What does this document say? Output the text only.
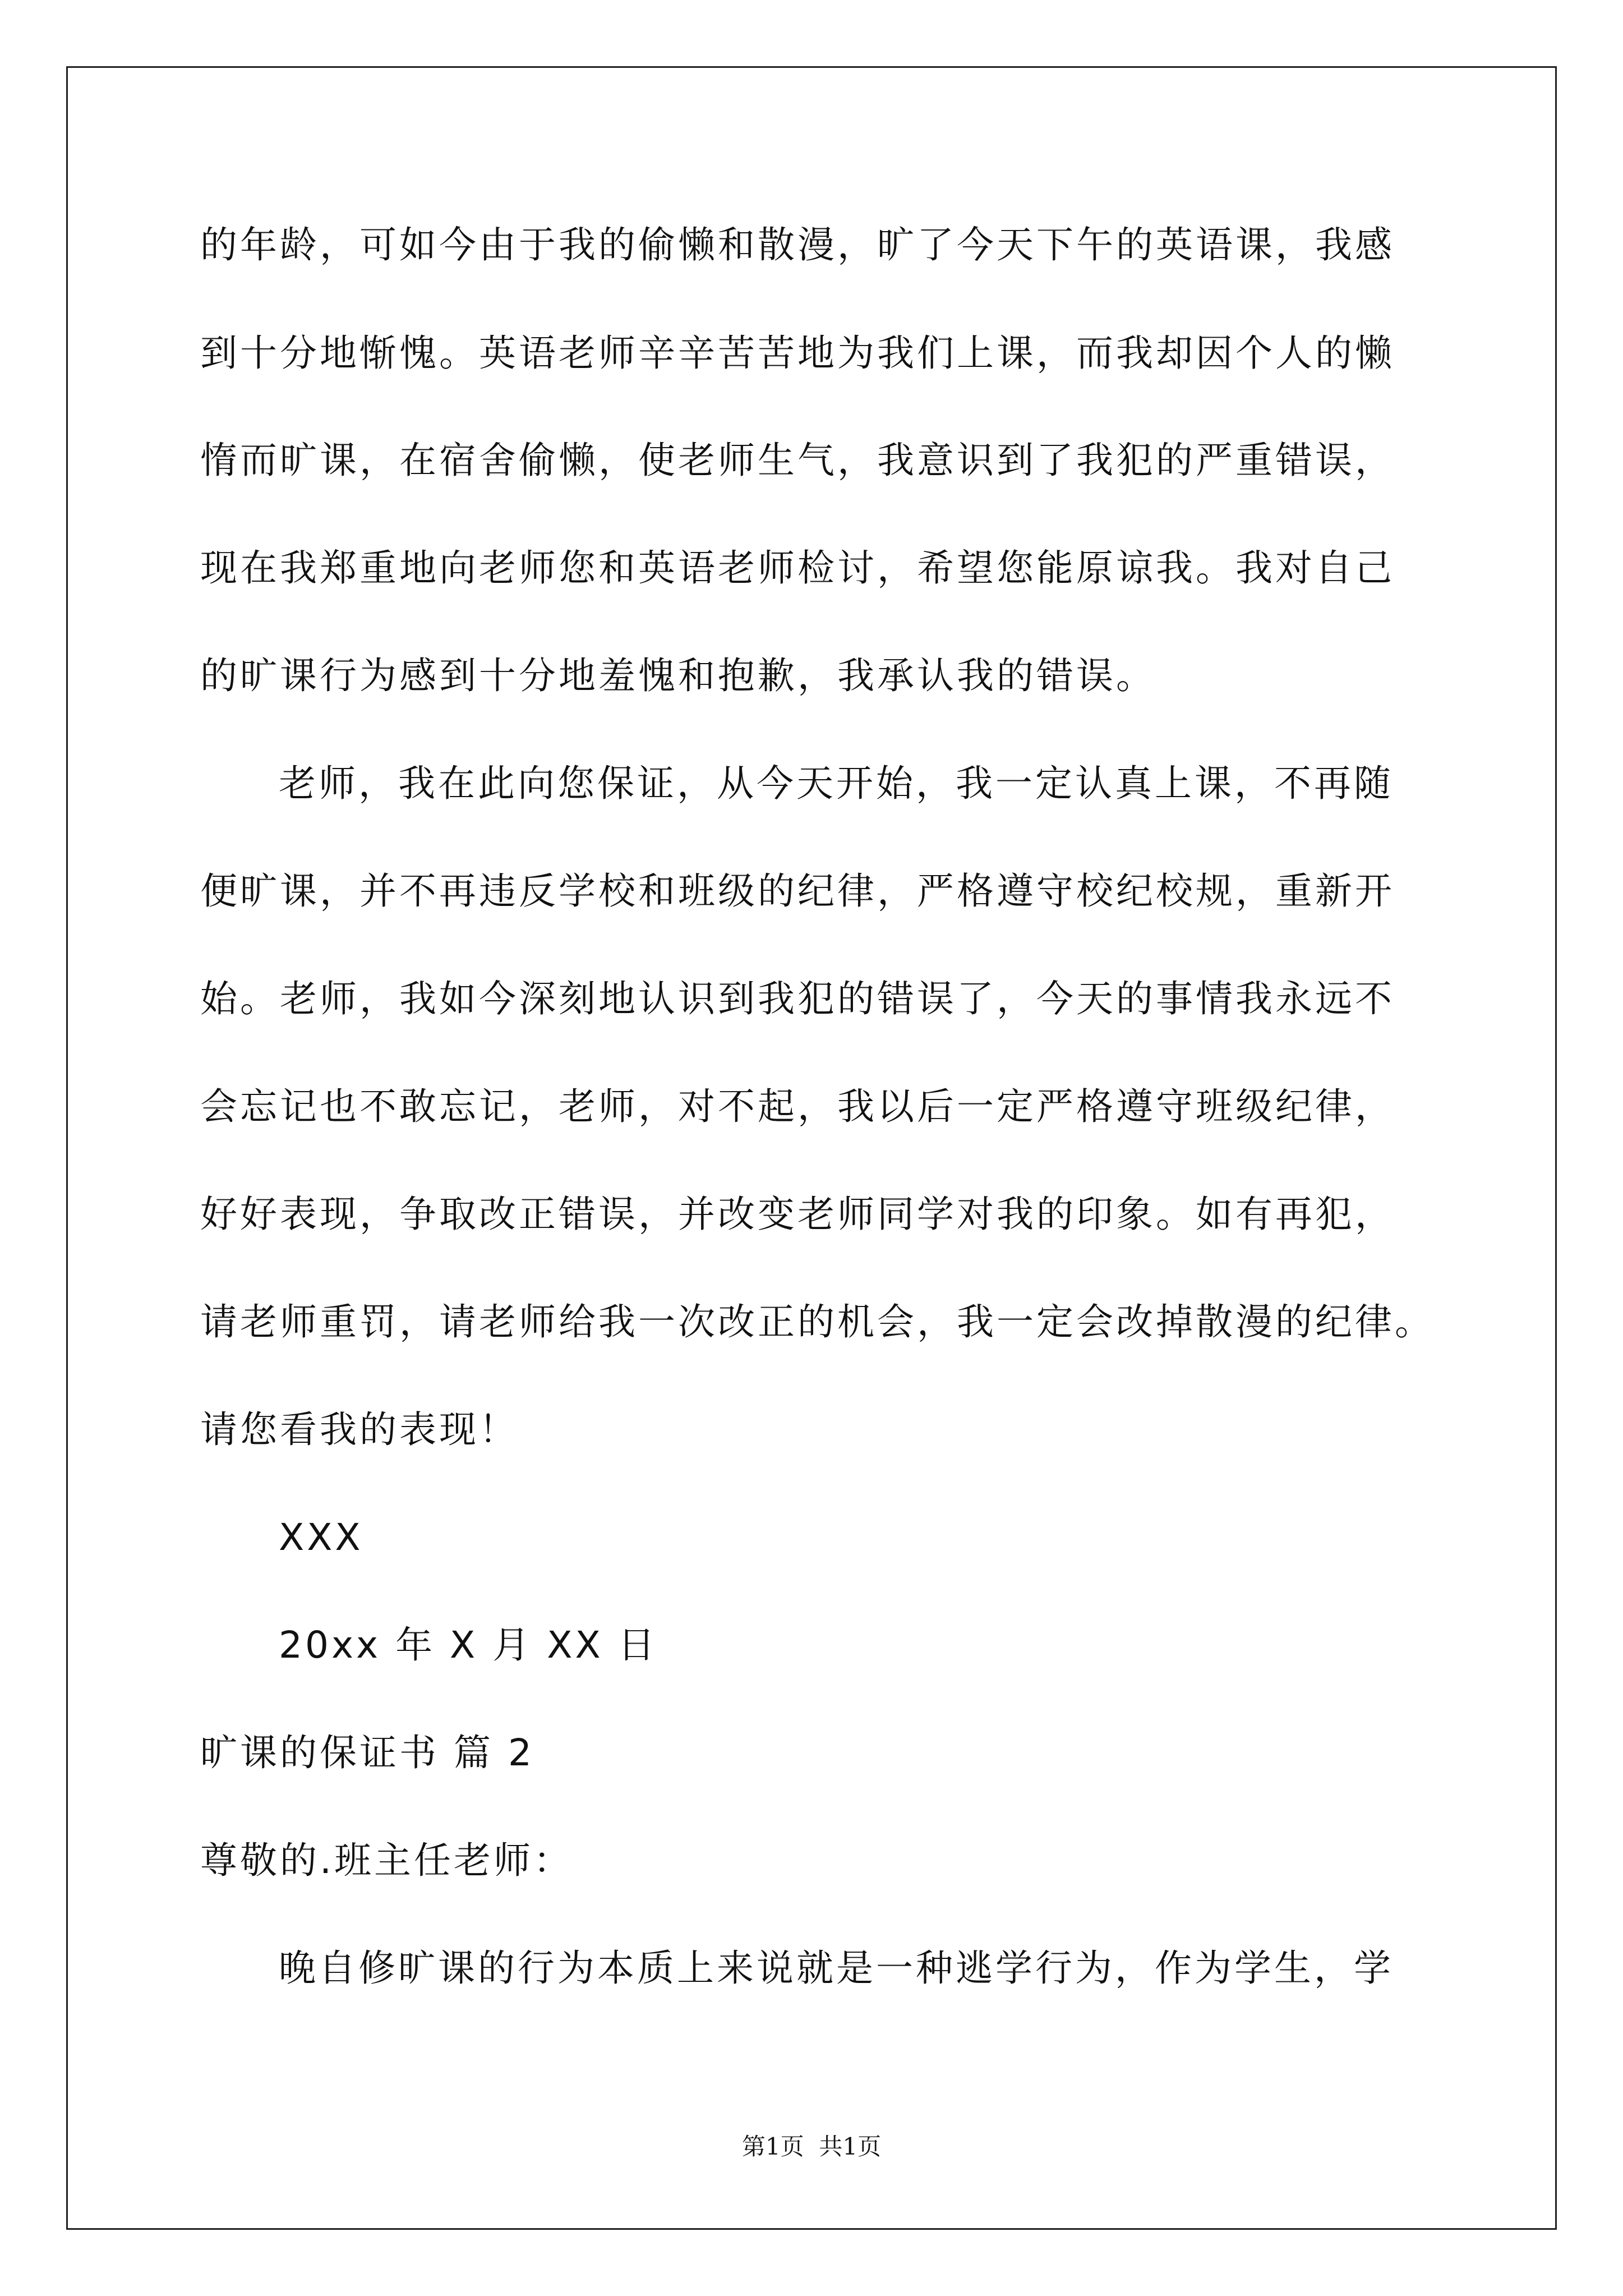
的年龄，可如今由于我的偷懒和散漫，旷了今天下午的英语课，我感
到十分地惭愧。英语老师辛辛苦苦地为我们上课，而我却因个人的懒
惰而旷课，在宿舍偷懒，使老师生气，我意识到了我犯的严重错误，
现在我郑重地向老师您和英语老师检讨，希望您能原谅我。我对自己
的旷课行为感到十分地羞愧和抱歉，我承认我的错误。
老师，我在此向您保证，从今天开始，我一定认真上课，不再随
便旷课，并不再违反学校和班级的纪律，严格遵守校纪校规，重新开
始。老师，我如今深刻地认识到我犯的错误了，今天的事情我永远不
会忘记也不敢忘记，老师，对不起，我以后一定严格遵守班级纪律，
好好表现，争取改正错误，并改变老师同学对我的印象。如有再犯，
请老师重罚，请老师给我一次改正的机会，我一定会改掉散漫的纪律。
请您看我的表现！
XXX
20xx 年 X 月 XX 日
旷课的保证书 篇 2
尊敬的.班主任老师：
晚自修旷课的行为本质上来说就是一种逃学行为，作为学生，学
第1页  共1页
